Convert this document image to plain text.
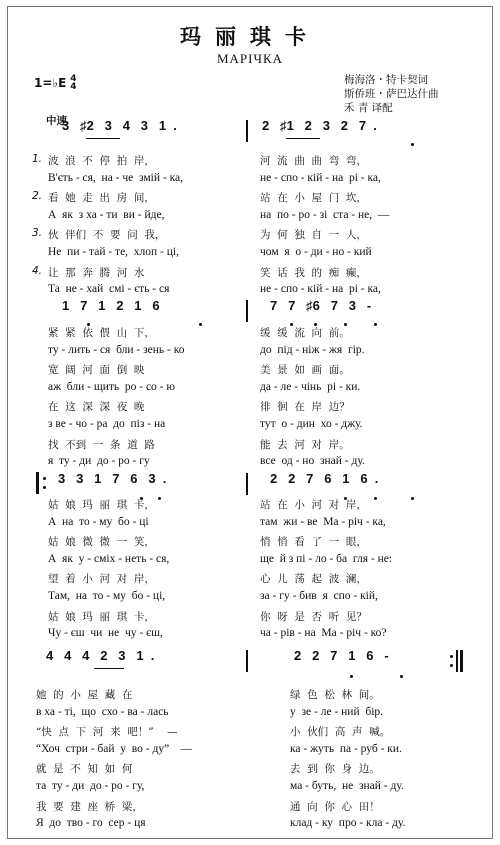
玛丽琪卡
МАРІЧКА
1=♭E 4
4
梅海洛・特卡契词
斯侨班・萨巴达什曲
禾 青 译配
中速
3   ♯2   3   4   3   1  .	2   ♯1   2   3   2   7  .
1. 波  浪  不  停  拍  岸，	河  流  曲  曲  弯  弯，
В'єть - ся,  на - че  змій - ка,	не - спо - кій - на  рі - ка,
2. 看  她  走  出  房  间，	站  在  小  屋  门  坎，
А  як  з ха - ти  ви - йде,	на  по - ро - зі  ста - не,  —
3. 伙  伴们  不  要  问  我，	为  何  独  自  一  人，
Не  пи - тай - те,  хлоп - ці,	чом  я  о - ди - но - кий
4. 让  那  奔  腾  河  水	笑  话  我  的  痴  癫，
Та  не - хай  смі - єть - ся	не - спо - кій - на  рі - ка,
1   7   1   2   1   6	7   7   ♯6   7   3   -
紧  紧  依  偎  山  下，	缓  缓  流  向  前。
ту - лить - ся  бли - зень - ко	до  під - ніж - жя  гір.
宽  阔  河  面  倒  映	美  景  如  画  面。
аж  бли - щить  ро - со - ю	да - ле - чінь  рі - ки.
在  这  深  深  夜  晚	徘  徊  在  岸  边？
з ве - чо - ра  до  піз - на	тут  о - дин  хо - джу.
找  不到  一  条  道  路	能  去  河  对  岸。
я  ту - ди  до - ро - гу	все  од - но  знай - ду.
3   3   1   7   6   3  .	2   2   7   6   1   6  .
姑  娘  玛  丽  琪  卡，	站  在  小  河  对  岸，
А  на  то - му  бо - ці	там  жи - ве  Ма - річ - ка,
姑  娘  微  微  一  笑，	悄  悄  看  了  一  眼，
А  як  у - сміх - неть - ся,	ще  й з пі - ло - ба  гля - не:
望  着  小  河  对  岸，	心  儿  荡  起  波  澜，
Там,  на  то - му  бо - ці,	за - гу - бив  я  спо - кій,
姑  娘  玛  丽  琪  卡，	你  呀  是  否  听  见？
Чу - єш  чи  не  чу - єш,	ча - рів - на  Ма - річ - ко?
4   4   4   2   3   1  .	2   2   7   1   6   -
她  的  小  屋  藏  在	绿  色  松  林  间。
в ха - ті,  що  схо - ва - лась	у  зе - ле - ний  бір.
“快  点  下  河  来  吧！”    —	小  伙们  高  声  喊。
“Хоч  стри - бай  у  во - ду”    —	ка - жуть  па - руб - ки.
就  是  不  知  如  何	去  到  你  身  边。
та  ту - ди  до - ро - гу,	ма - буть,  не  знай - ду.
我  要  建  座  桥  梁，	通  向  你  心  田！
Я  до  тво - го  сер - ця	клад - ку  про - кла - ду.
